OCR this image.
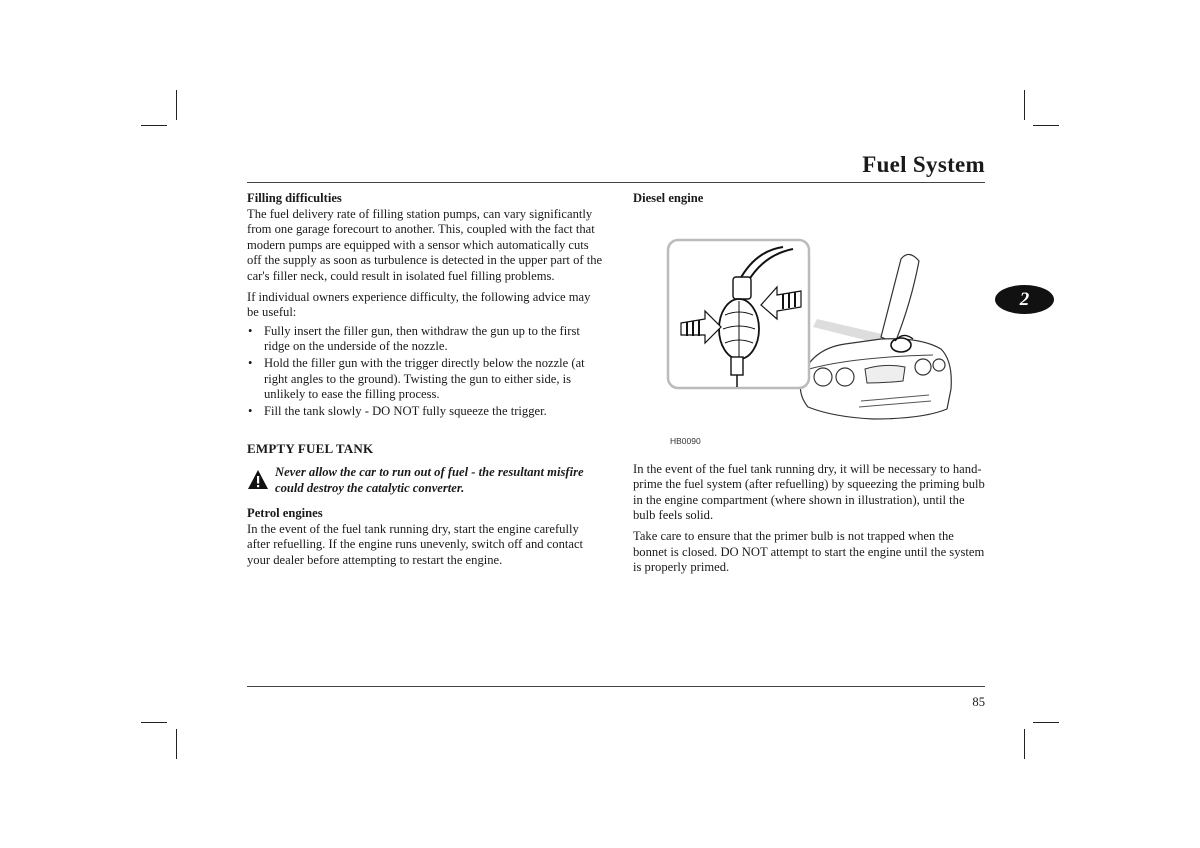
Fuel System
2

Filling difficulties

The fuel delivery rate of filling station pumps, can vary significantly from one garage forecourt to another. This, coupled with the fact that modern pumps are equipped with a sensor which automatically cuts off the supply as soon as turbulence is detected in the upper part of the car's filler neck, could result in isolated fuel filling problems.

If individual owners experience difficulty, the following advice may be useful:

• Fully insert the filler gun, then withdraw the gun up to the first ridge on the underside of the nozzle.
• Hold the filler gun with the trigger directly below the nozzle (at right angles to the ground). Twisting the gun to either side, is unlikely to ease the filling process.
• Fill the tank slowly - DO NOT fully squeeze the trigger.

EMPTY FUEL TANK

Never allow the car to run out of fuel - the resultant misfire could destroy the catalytic converter.

Petrol engines

In the event of the fuel tank running dry, start the engine carefully after refuelling. If the engine runs unevenly, switch off and contact your dealer before attempting to restart the engine.

Diesel engine

HB0090

In the event of the fuel tank running dry, it will be necessary to hand-prime the fuel system (after refuelling) by squeezing the priming bulb in the engine compartment (where shown in illustration), until the bulb feels solid.

Take care to ensure that the primer bulb is not trapped when the bonnet is closed. DO NOT attempt to start the engine until the system is properly primed.

85
